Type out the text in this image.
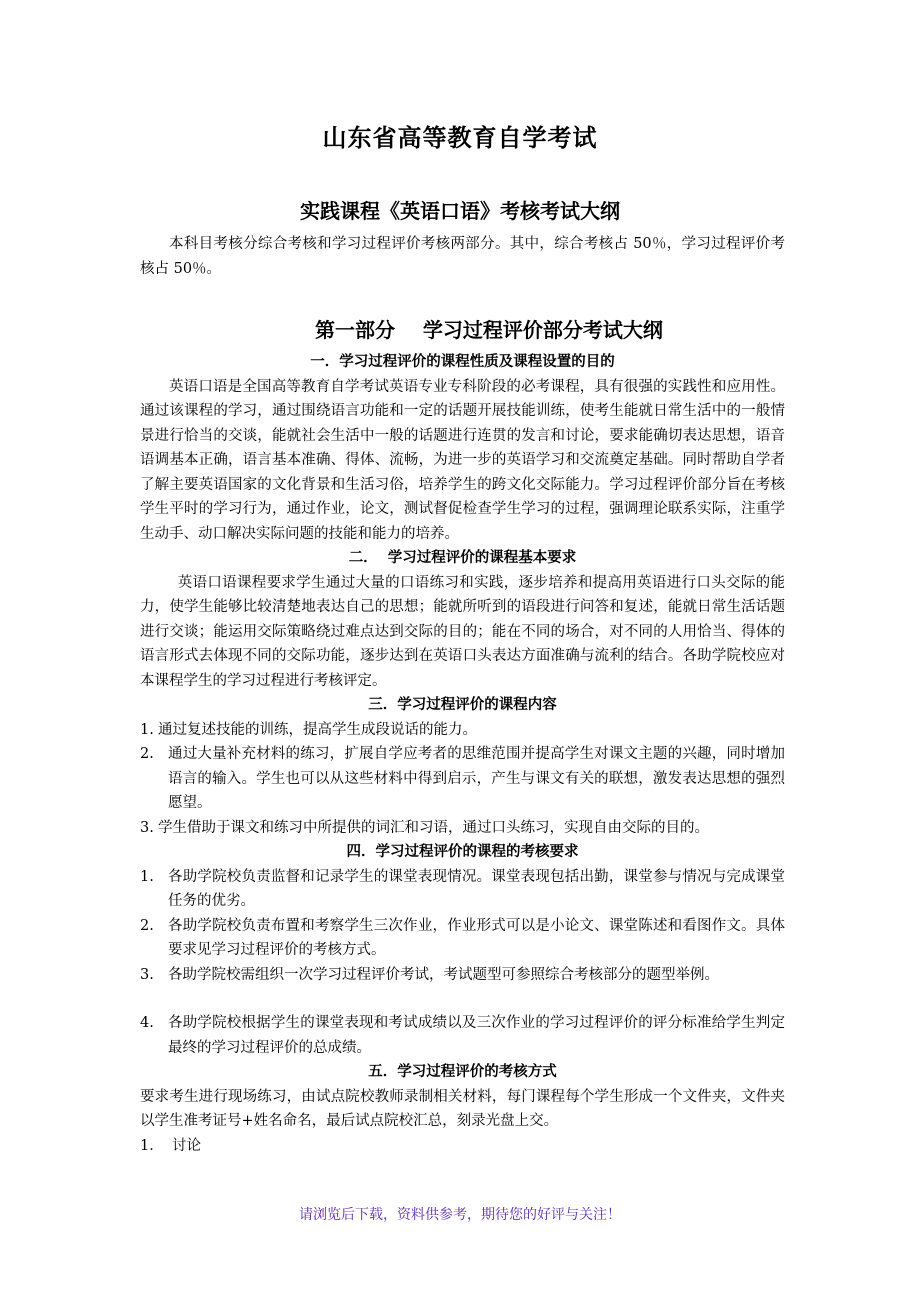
山东省高等教育自学考试
实践课程《英语口语》考核考试大纲
本科目考核分综合考核和学习过程评价考核两部分。其中，综合考核占 50％，学习过程评价考核占 50％。
第一部分    学习过程评价部分考试大纲
一．学习过程评价的课程性质及课程设置的目的
英语口语是全国高等教育自学考试英语专业专科阶段的必考课程，具有很强的实践性和应用性。通过该课程的学习，通过围绕语言功能和一定的话题开展技能训练，使考生能就日常生活中的一般情景进行恰当的交谈，能就社会生活中一般的话题进行连贯的发言和讨论，要求能确切表达思想，语音语调基本正确，语言基本准确、得体、流畅，为进一步的英语学习和交流奠定基础。同时帮助自学者了解主要英语国家的文化背景和生活习俗，培养学生的跨文化交际能力。学习过程评价部分旨在考核学生平时的学习行为，通过作业，论文，测试督促检查学生学习的过程，强调理论联系实际，注重学生动手、动口解决实际问题的技能和能力的培养。
二．  学习过程评价的课程基本要求
英语口语课程要求学生通过大量的口语练习和实践，逐步培养和提高用英语进行口头交际的能力，使学生能够比较清楚地表达自己的思想；能就所听到的语段进行问答和复述，能就日常生活话题进行交谈；能运用交际策略绕过难点达到交际的目的；能在不同的场合，对不同的人用恰当、得体的语言形式去体现不同的交际功能，逐步达到在英语口头表达方面准确与流利的结合。各助学院校应对本课程学生的学习过程进行考核评定。
三．学习过程评价的课程内容
1. 通过复述技能的训练，提高学生成段说话的能力。
2. 通过大量补充材料的练习，扩展自学应考者的思维范围并提高学生对课文主题的兴趣，同时增加语言的输入。学生也可以从这些材料中得到启示，产生与课文有关的联想，激发表达思想的强烈愿望。
3. 学生借助于课文和练习中所提供的词汇和习语，通过口头练习，实现自由交际的目的。
四．学习过程评价的课程的考核要求
1. 各助学院校负责监督和记录学生的课堂表现情况。课堂表现包括出勤，课堂参与情况与完成课堂任务的优劣。
2. 各助学院校负责布置和考察学生三次作业，作业形式可以是小论文、课堂陈述和看图作文。具体要求见学习过程评价的考核方式。
3. 各助学院校需组织一次学习过程评价考试，考试题型可参照综合考核部分的题型举例。
4. 各助学院校根据学生的课堂表现和考试成绩以及三次作业的学习过程评价的评分标准给学生判定最终的学习过程评价的总成绩。
五．学习过程评价的考核方式
要求考生进行现场练习，由试点院校教师录制相关材料，每门课程每个学生形成一个文件夹，文件夹以学生准考证号+姓名命名，最后试点院校汇总，刻录光盘上交。
1． 讨论
请浏览后下载，资料供参考，期待您的好评与关注！
